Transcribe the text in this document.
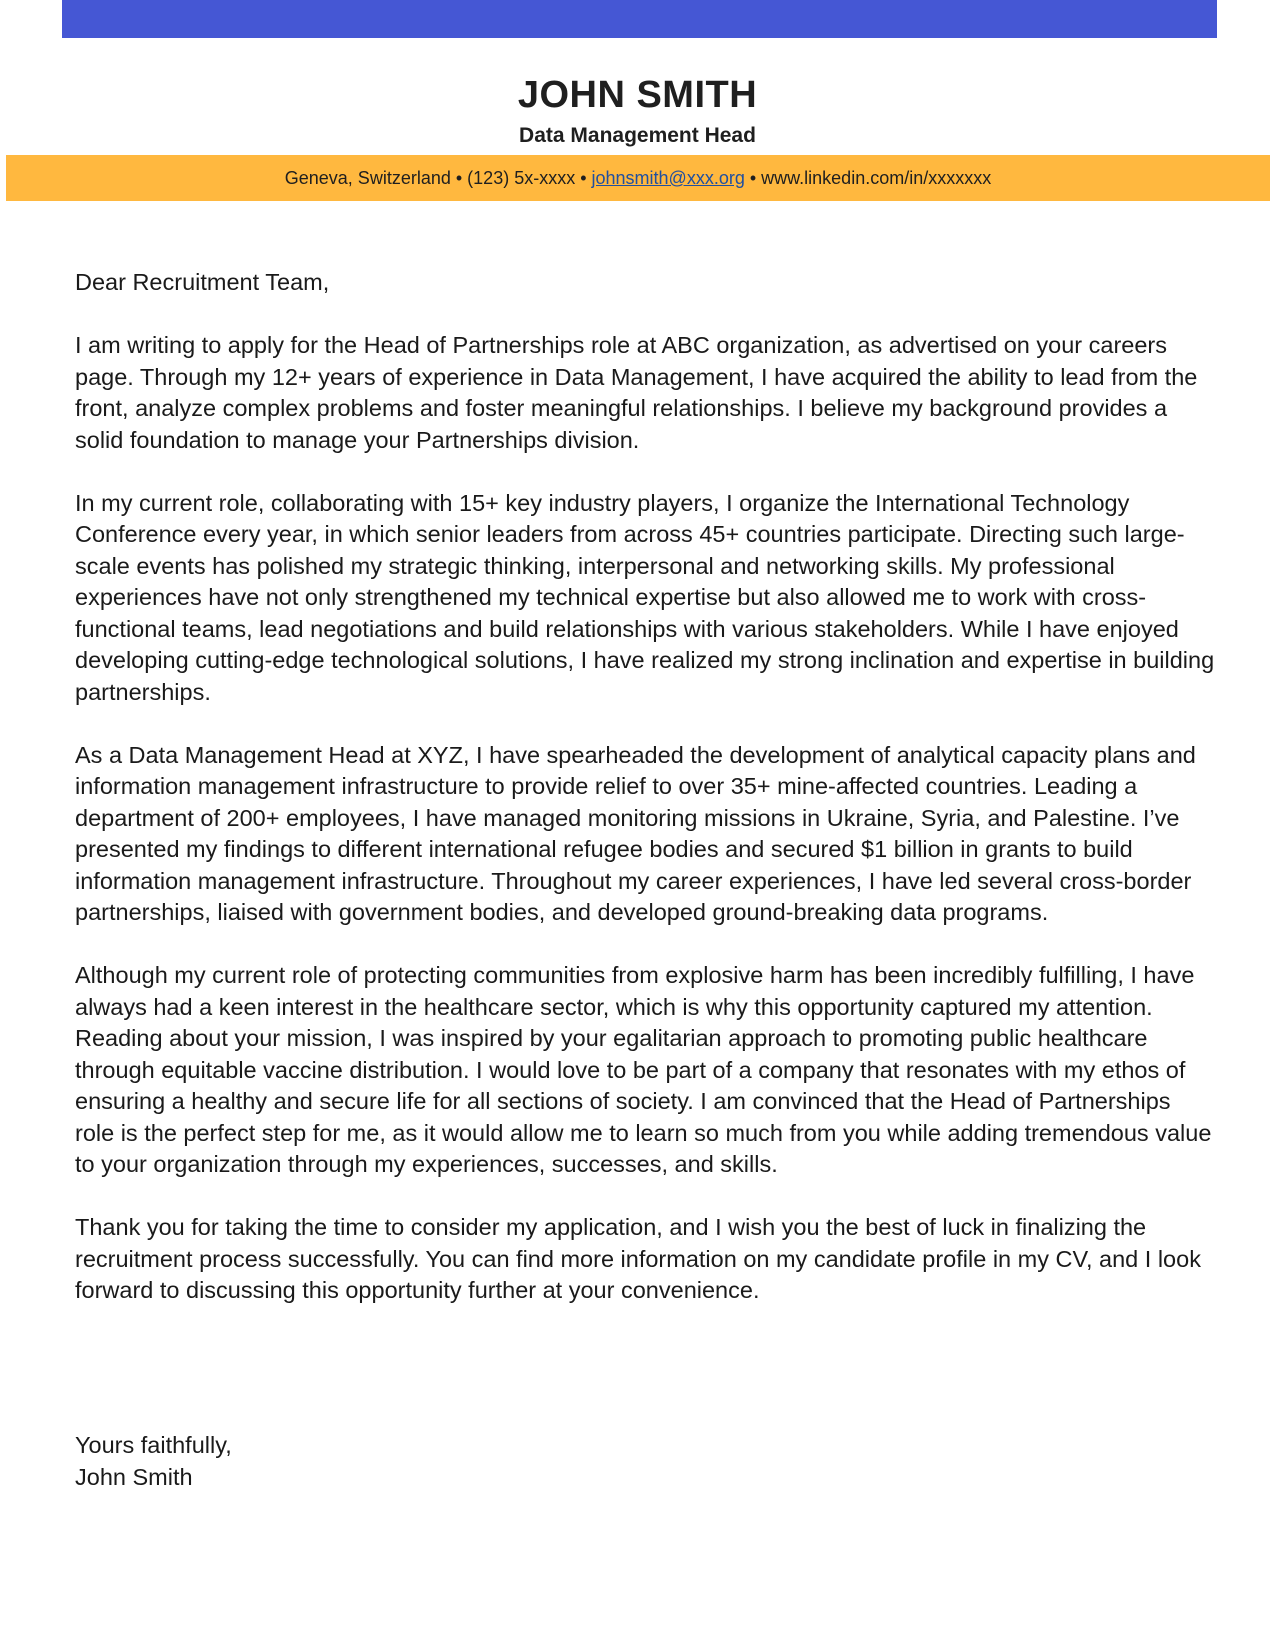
JOHN SMITH
Data Management Head
Geneva, Switzerland • (123) 5x-xxxx • johnsmith@xxx.org • www.linkedin.com/in/xxxxxxx

Dear Recruitment Team,

I am writing to apply for the Head of Partnerships role at ABC organization, as advertised on your careers page. Through my 12+ years of experience in Data Management, I have acquired the ability to lead from the front, analyze complex problems and foster meaningful relationships. I believe my background provides a solid foundation to manage your Partnerships division.

In my current role, collaborating with 15+ key industry players, I organize the International Technology Conference every year, in which senior leaders from across 45+ countries participate. Directing such large-scale events has polished my strategic thinking, interpersonal and networking skills. My professional experiences have not only strengthened my technical expertise but also allowed me to work with cross-functional teams, lead negotiations and build relationships with various stakeholders. While I have enjoyed developing cutting-edge technological solutions, I have realized my strong inclination and expertise in building partnerships.

As a Data Management Head at XYZ, I have spearheaded the development of analytical capacity plans and information management infrastructure to provide relief to over 35+ mine-affected countries. Leading a department of 200+ employees, I have managed monitoring missions in Ukraine, Syria, and Palestine. I’ve presented my findings to different international refugee bodies and secured $1 billion in grants to build information management infrastructure. Throughout my career experiences, I have led several cross-border partnerships, liaised with government bodies, and developed ground-breaking data programs.

Although my current role of protecting communities from explosive harm has been incredibly fulfilling, I have always had a keen interest in the healthcare sector, which is why this opportunity captured my attention. Reading about your mission, I was inspired by your egalitarian approach to promoting public healthcare through equitable vaccine distribution. I would love to be part of a company that resonates with my ethos of ensuring a healthy and secure life for all sections of society. I am convinced that the Head of Partnerships role is the perfect step for me, as it would allow me to learn so much from you while adding tremendous value to your organization through my experiences, successes, and skills.

Thank you for taking the time to consider my application, and I wish you the best of luck in finalizing the recruitment process successfully. You can find more information on my candidate profile in my CV, and I look forward to discussing this opportunity further at your convenience.

Yours faithfully,
John Smith
